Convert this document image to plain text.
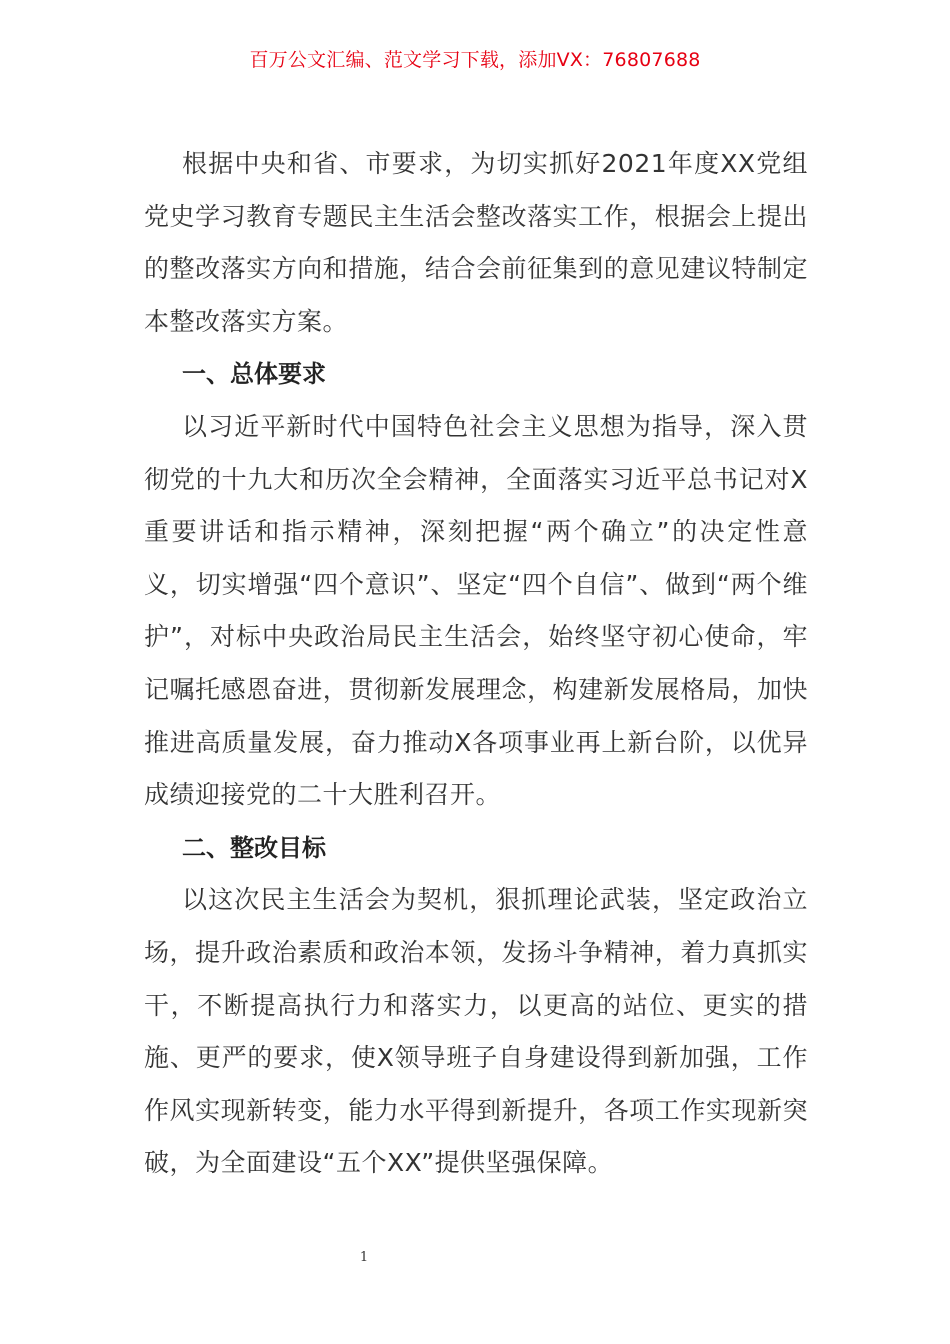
百万公文汇编、范文学习下载，添加VX：76807688

根据中央和省、市要求，为切实抓好2021年度XX党组党史学习教育专题民主生活会整改落实工作，根据会上提出的整改落实方向和措施，结合会前征集到的意见建议特制定本整改落实方案。

一、总体要求

以习近平新时代中国特色社会主义思想为指导，深入贯彻党的十九大和历次全会精神，全面落实习近平总书记对X重要讲话和指示精神，深刻把握“两个确立”的决定性意义，切实增强“四个意识”、坚定“四个自信”、做到“两个维护”，对标中央政治局民主生活会，始终坚守初心使命，牢记嘱托感恩奋进，贯彻新发展理念，构建新发展格局，加快推进高质量发展，奋力推动X各项事业再上新台阶，以优异成绩迎接党的二十大胜利召开。

二、整改目标

以这次民主生活会为契机，狠抓理论武装，坚定政治立场，提升政治素质和政治本领，发扬斗争精神，着力真抓实干，不断提高执行力和落实力，以更高的站位、更实的措施、更严的要求，使X领导班子自身建设得到新加强，工作作风实现新转变，能力水平得到新提升，各项工作实现新突破，为全面建设“五个XX”提供坚强保障。

1
